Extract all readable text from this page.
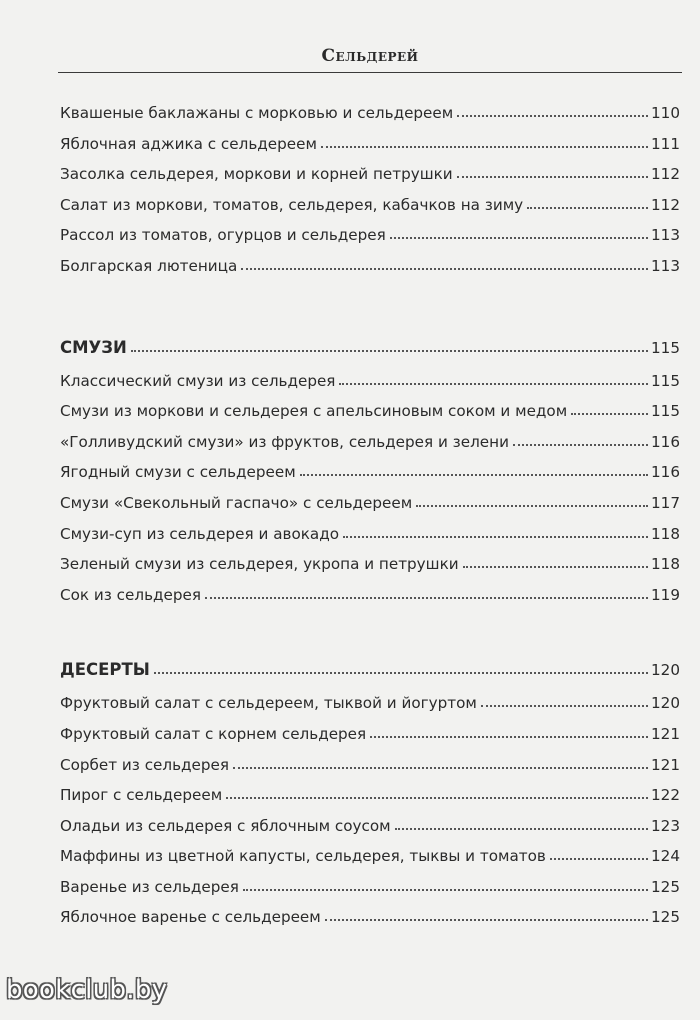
Сельдерей
Квашеные баклажаны с морковью и сельдереем	110
Яблочная аджика с сельдереем	111
Засолка сельдерея, моркови и корней петрушки	112
Салат из моркови, томатов, сельдерея, кабачков на зиму	112
Рассол из томатов, огурцов и сельдерея	113
Болгарская лютеница	113
СМУЗИ	115
Классический смузи из сельдерея	115
Смузи из моркови и сельдерея с апельсиновым соком и медом	115
«Голливудский смузи» из фруктов, сельдерея и зелени	116
Ягодный смузи с сельдереем	116
Смузи «Свекольный гаспачо» с сельдереем	117
Смузи-суп из сельдерея и авокадо	118
Зеленый смузи из сельдерея, укропа и петрушки	118
Сок из сельдерея	119
ДЕСЕРТЫ	120
Фруктовый салат с сельдереем, тыквой и йогуртом	120
Фруктовый салат с корнем сельдерея	121
Сорбет из сельдерея	121
Пирог с сельдереем	122
Оладьи из сельдерея с яблочным соусом	123
Маффины из цветной капусты, сельдерея, тыквы и томатов	124
Варенье из сельдерея	125
Яблочное варенье с сельдереем	125
bookclub.by
